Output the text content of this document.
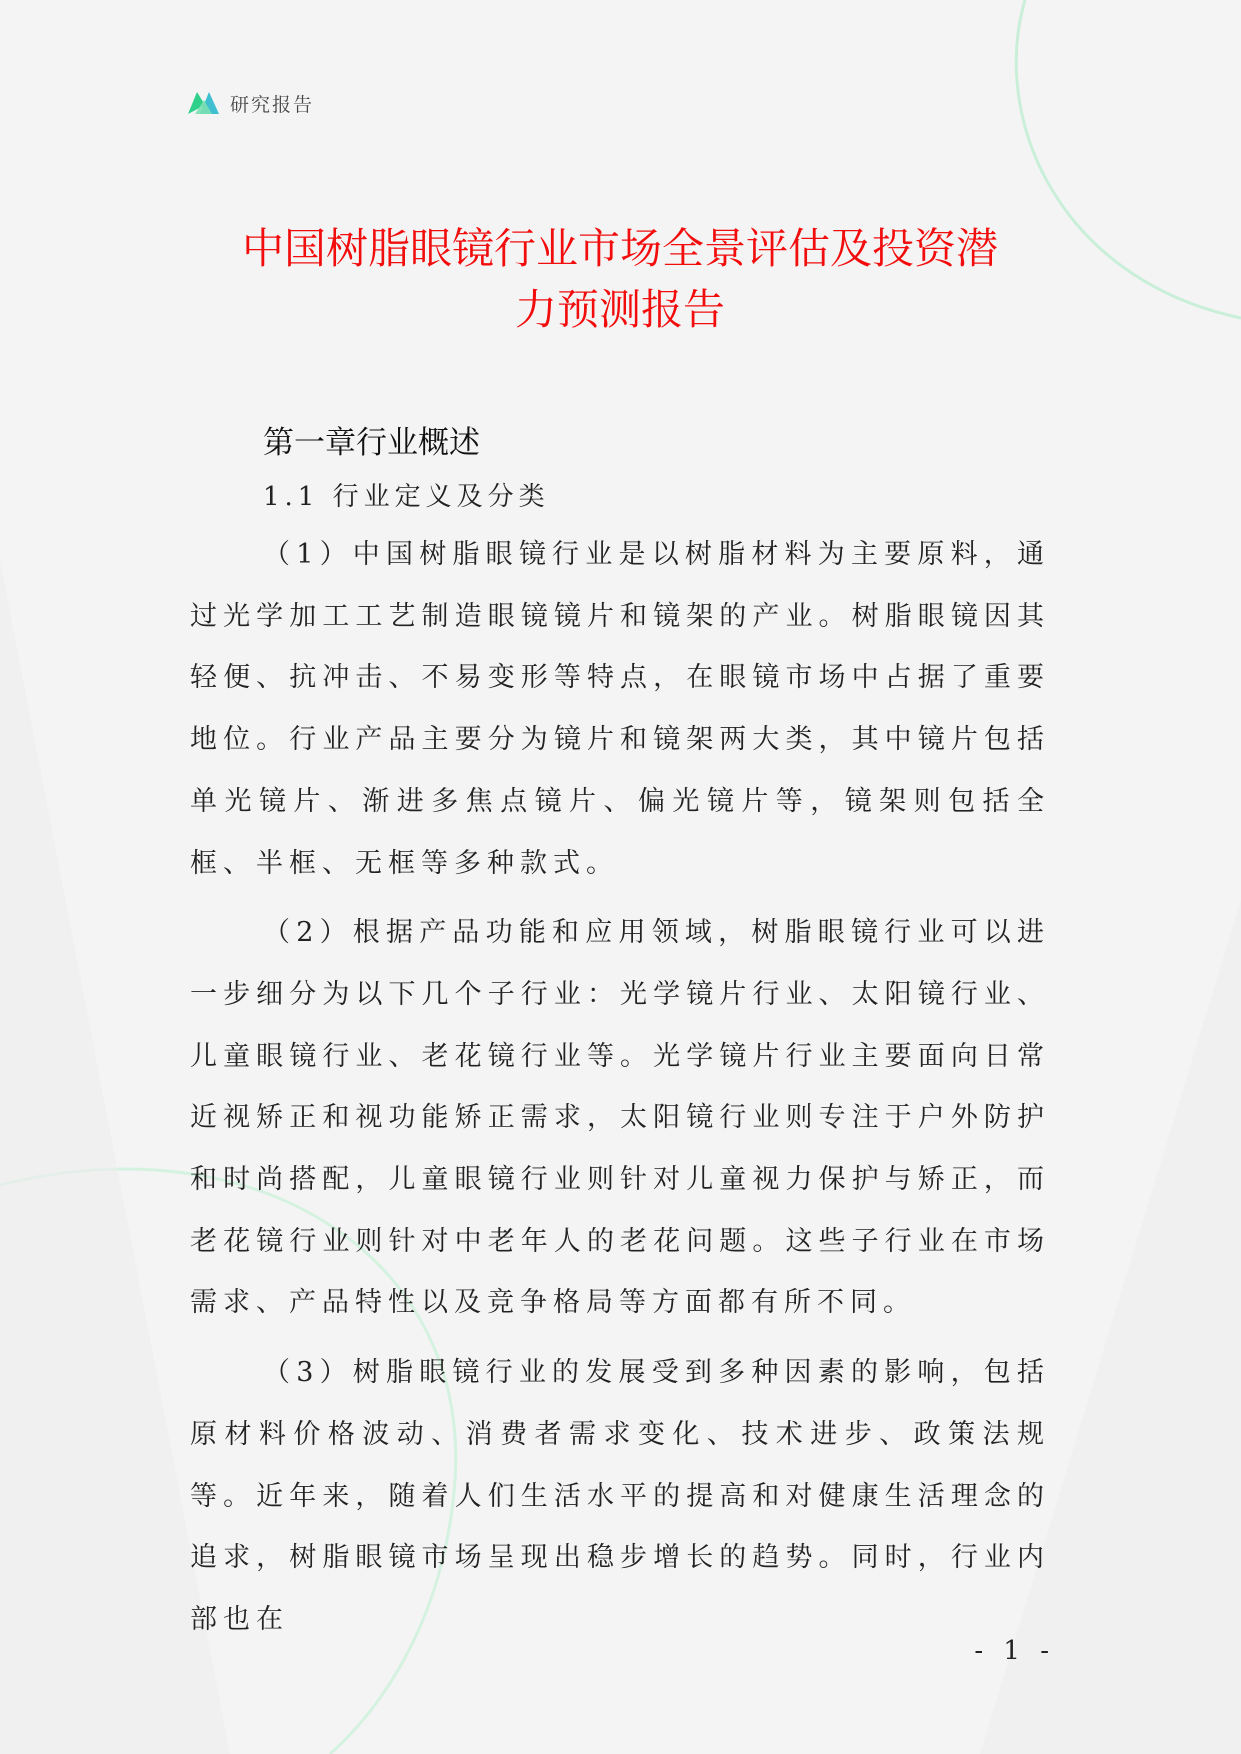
研究报告
中国树脂眼镜行业市场全景评估及投资潜
力预测报告
第一章行业概述
1.1 行业定义及分类

（1）中国树脂眼镜行业是以树脂材料为主要原料，通过光学加工工艺制造眼镜镜片和镜架的产业。树脂眼镜因其轻便、抗冲击、不易变形等特点，在眼镜市场中占据了重要地位。行业产品主要分为镜片和镜架两大类，其中镜片包括单光镜片、渐进多焦点镜片、偏光镜片等，镜架则包括全框、半框、无框等多种款式。

（2）根据产品功能和应用领域，树脂眼镜行业可以进一步细分为以下几个子行业：光学镜片行业、太阳镜行业、儿童眼镜行业、老花镜行业等。光学镜片行业主要面向日常近视矫正和视功能矫正需求，太阳镜行业则专注于户外防护和时尚搭配，儿童眼镜行业则针对儿童视力保护与矫正，而老花镜行业则针对中老年人的老花问题。这些子行业在市场需求、产品特性以及竞争格局等方面都有所不同。

（3）树脂眼镜行业的发展受到多种因素的影响，包括原材料价格波动、消费者需求变化、技术进步、政策法规等。近年来，随着人们生活水平的提高和对健康生活理念的追求，树脂眼镜市场呈现出稳步增长的趋势。同时，行业内部也在

- 1 -
